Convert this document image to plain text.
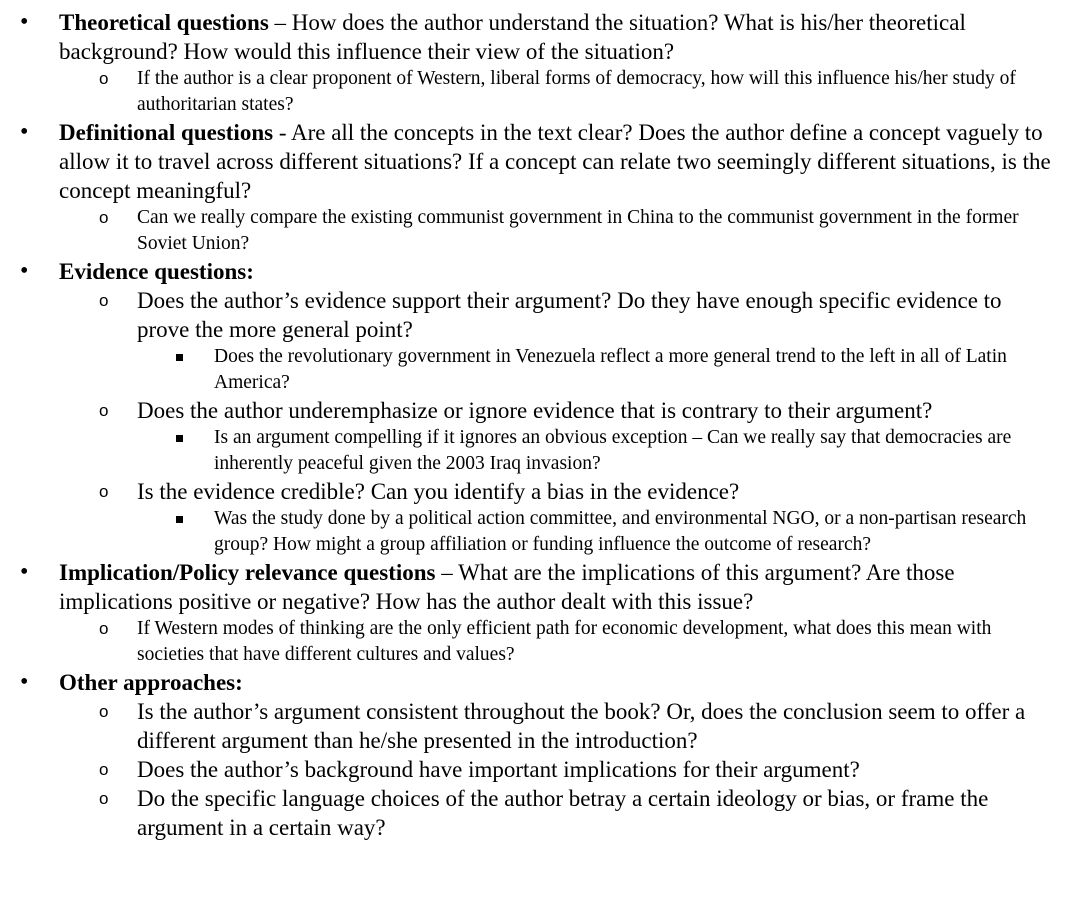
• Theoretical questions – How does the author understand the situation? What is his/her theoretical background? How would this influence their view of the situation?
o If the author is a clear proponent of Western, liberal forms of democracy, how will this influence his/her study of authoritarian states?
• Definitional questions - Are all the concepts in the text clear? Does the author define a concept vaguely to allow it to travel across different situations? If a concept can relate two seemingly different situations, is the concept meaningful?
o Can we really compare the existing communist government in China to the communist government in the former Soviet Union?
• Evidence questions:
o Does the author’s evidence support their argument? Do they have enough specific evidence to prove the more general point?
Does the revolutionary government in Venezuela reflect a more general trend to the left in all of Latin America?
o Does the author underemphasize or ignore evidence that is contrary to their argument?
Is an argument compelling if it ignores an obvious exception – Can we really say that democracies are inherently peaceful given the 2003 Iraq invasion?
o Is the evidence credible? Can you identify a bias in the evidence?
Was the study done by a political action committee, and environmental NGO, or a non-partisan research group? How might a group affiliation or funding influence the outcome of research?
• Implication/Policy relevance questions – What are the implications of this argument? Are those implications positive or negative? How has the author dealt with this issue?
o If Western modes of thinking are the only efficient path for economic development, what does this mean with societies that have different cultures and values?
• Other approaches:
o Is the author’s argument consistent throughout the book? Or, does the conclusion seem to offer a different argument than he/she presented in the introduction?
o Does the author’s background have important implications for their argument?
o Do the specific language choices of the author betray a certain ideology or bias, or frame the argument in a certain way?
